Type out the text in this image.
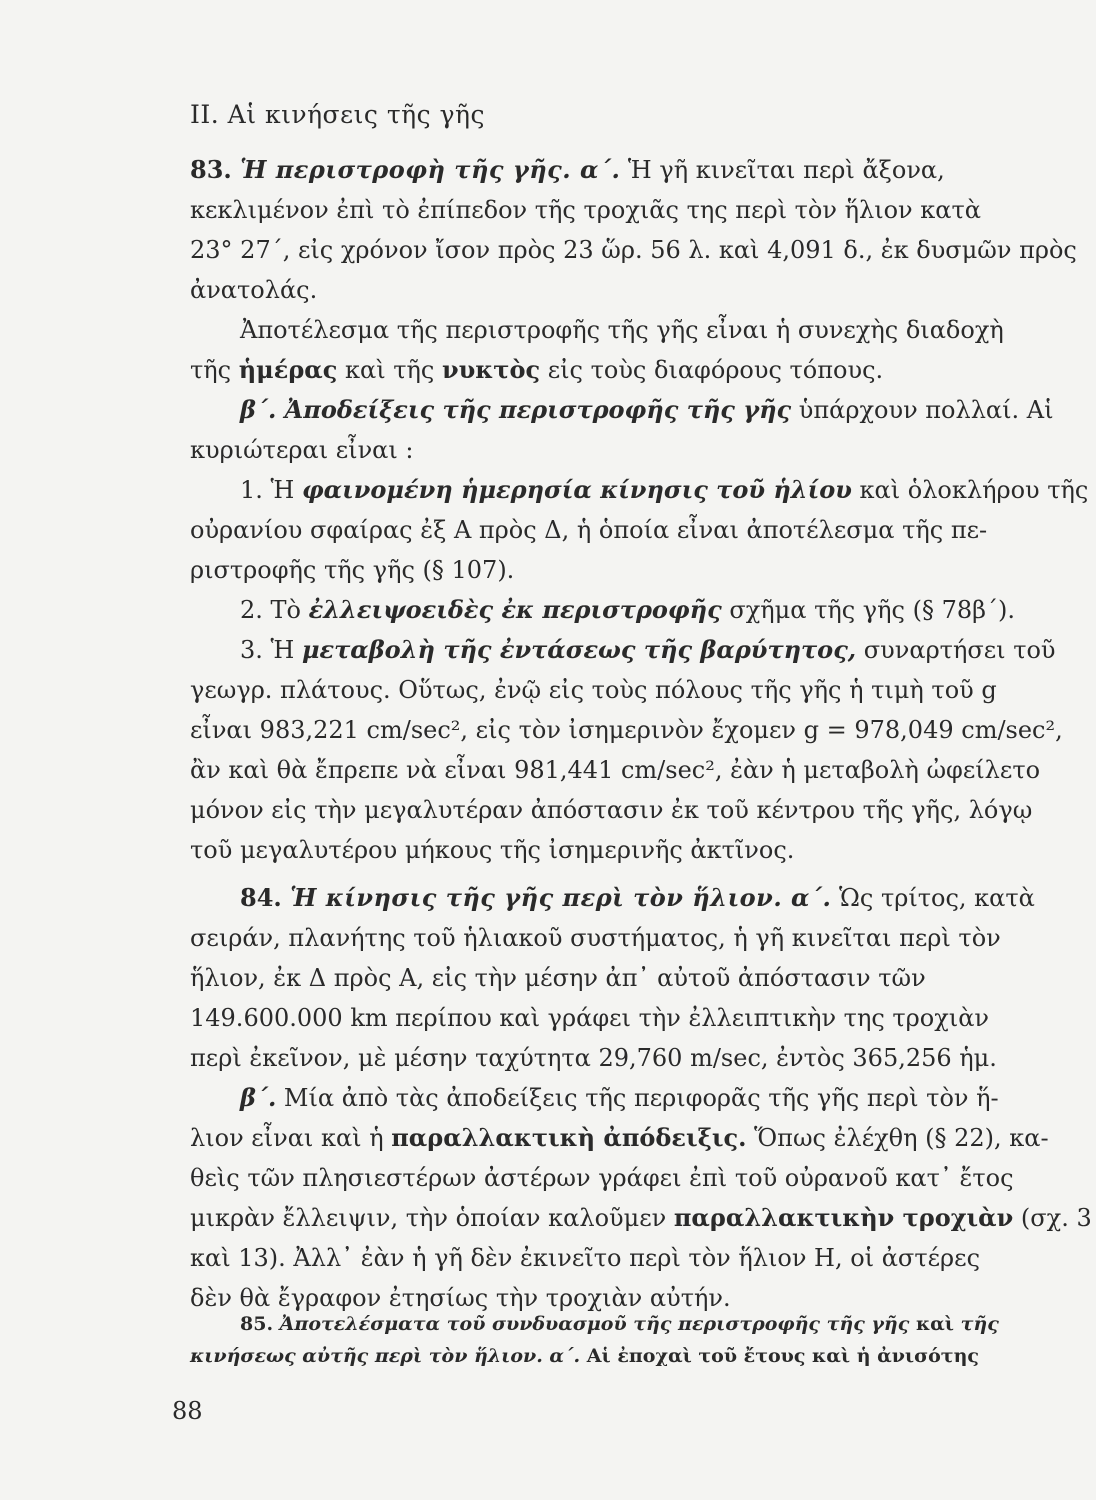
II. Αἱ κινήσεις τῆς γῆς
83. Ἡ περιστροφὴ τῆς γῆς. α΄. Ἡ γῆ κινεῖται περὶ ἄξονα,
κεκλιμένον ἐπὶ τὸ ἐπίπεδον τῆς τροχιᾶς της περὶ τὸν ἥλιον κατὰ
23° 27΄, εἰς χρόνον ἴσον πρὸς 23 ὥρ. 56 λ. καὶ 4,091 δ., ἐκ δυσμῶν πρὸς
ἀνατολάς.
Ἀποτέλεσμα τῆς περιστροφῆς τῆς γῆς εἶναι ἡ συνεχὴς διαδοχὴ
τῆς ἡμέρας καὶ τῆς νυκτὸς εἰς τοὺς διαφόρους τόπους.
β΄. Ἀποδείξεις τῆς περιστροφῆς τῆς γῆς ὑπάρχουν πολλαί. Αἱ
κυριώτεραι εἶναι :
1. Ἡ φαινομένη ἡμερησία κίνησις τοῦ ἡλίου καὶ ὁλοκλήρου τῆς
οὐρανίου σφαίρας ἐξ Α πρὸς Δ, ἡ ὁποία εἶναι ἀποτέλεσμα τῆς πε-
ριστροφῆς τῆς γῆς (§ 107).
2. Τὸ ἐλλειψοειδὲς ἐκ περιστροφῆς σχῆμα τῆς γῆς (§ 78β΄).
3. Ἡ μεταβολὴ τῆς ἐντάσεως τῆς βαρύτητος, συναρτήσει τοῦ
γεωγρ. πλάτους. Οὕτως, ἐνῷ εἰς τοὺς πόλους τῆς γῆς ἡ τιμὴ τοῦ g
εἶναι 983,221 cm/sec², εἰς τὸν ἰσημερινὸν ἔχομεν g = 978,049 cm/sec²,
ἂν καὶ θὰ ἔπρεπε νὰ εἶναι 981,441 cm/sec², ἐὰν ἡ μεταβολὴ ὠφείλετο
μόνον εἰς τὴν μεγαλυτέραν ἀπόστασιν ἐκ τοῦ κέντρου τῆς γῆς, λόγῳ
τοῦ μεγαλυτέρου μήκους τῆς ἰσημερινῆς ἀκτῖνος.
84. Ἡ κίνησις τῆς γῆς περὶ τὸν ἥλιον. α΄. Ὡς τρίτος, κατὰ
σειράν, πλανήτης τοῦ ἡλιακοῦ συστήματος, ἡ γῆ κινεῖται περὶ τὸν
ἥλιον, ἐκ Δ πρὸς Α, εἰς τὴν μέσην ἀπ᾿ αὐτοῦ ἀπόστασιν τῶν
149.600.000 km περίπου καὶ γράφει τὴν ἐλλειπτικὴν της τροχιὰν
περὶ ἐκεῖνον, μὲ μέσην ταχύτητα 29,760 m/sec, ἐντὸς 365,256 ἡμ.
β΄. Μία ἀπὸ τὰς ἀποδείξεις τῆς περιφορᾶς τῆς γῆς περὶ τὸν ἥ-
λιον εἶναι καὶ ἡ παραλλακτικὴ ἀπόδειξις. Ὅπως ἐλέχθη (§ 22), κα-
θεὶς τῶν πλησιεστέρων ἀστέρων γράφει ἐπὶ τοῦ οὐρανοῦ κατ᾿ ἔτος
μικρὰν ἔλλειψιν, τὴν ὁποίαν καλοῦμεν παραλλακτικὴν τροχιὰν (σχ. 3
καὶ 13). Ἀλλ᾿ ἐὰν ἡ γῆ δὲν ἐκινεῖτο περὶ τὸν ἥλιον Η, οἱ ἀστέρες
δὲν θὰ ἔγραφον ἐτησίως τὴν τροχιὰν αὐτήν.
85. Ἀποτελέσματα τοῦ συνδυασμοῦ τῆς περιστροφῆς τῆς γῆς καὶ τῆς
κινήσεως αὐτῆς περὶ τὸν ἥλιον. α΄. Αἱ ἐποχαὶ τοῦ ἔτους καὶ ἡ ἀνισότης
88
